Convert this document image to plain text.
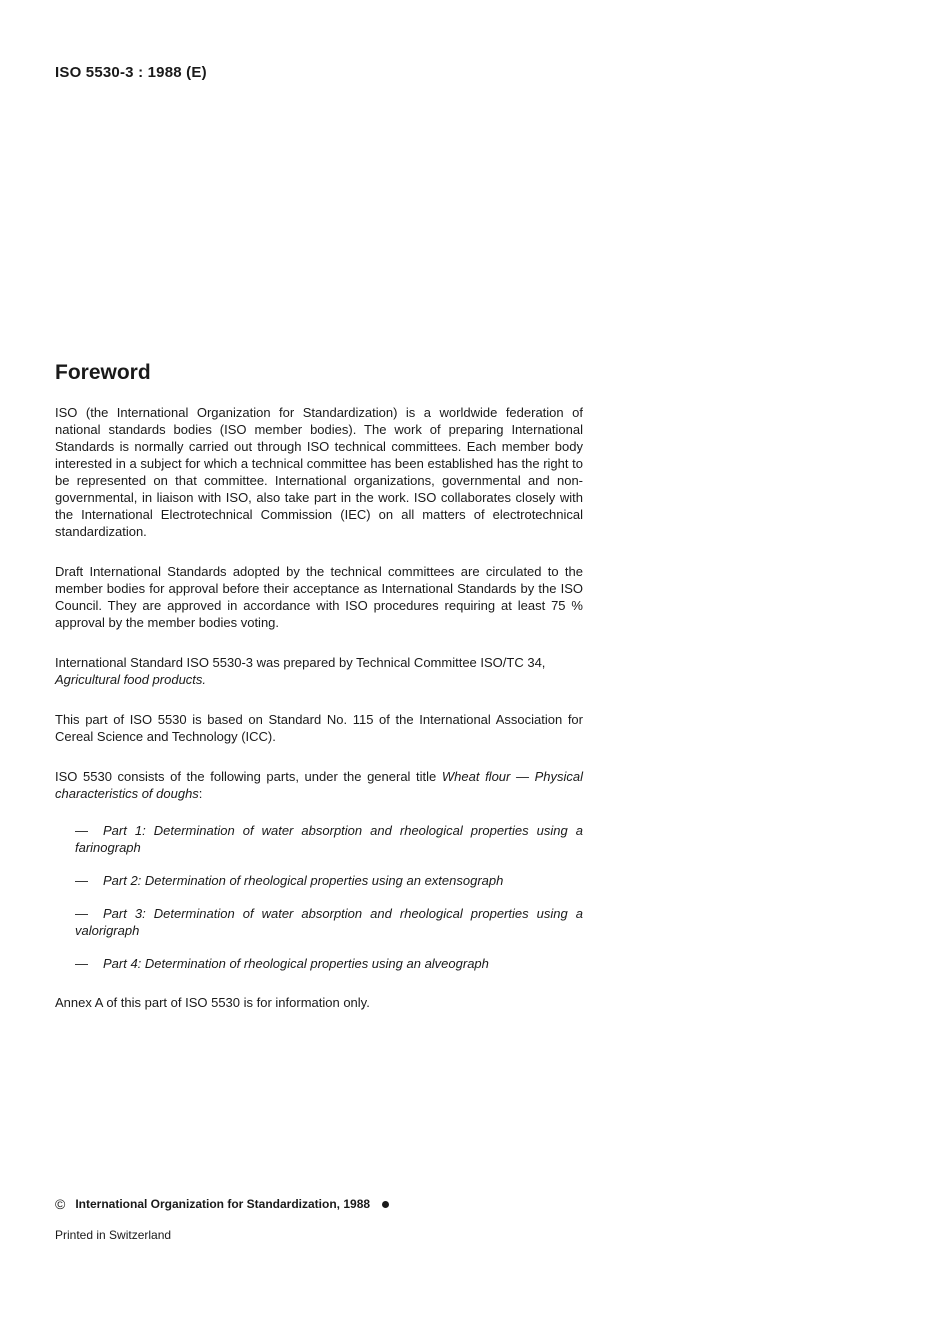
ISO 5530-3 : 1988 (E)
Foreword

ISO (the International Organization for Standardization) is a worldwide federation of national standards bodies (ISO member bodies). The work of preparing International Standards is normally carried out through ISO technical committees. Each member body interested in a subject for which a technical committee has been established has the right to be represented on that committee. International organizations, governmental and non-governmental, in liaison with ISO, also take part in the work. ISO collaborates closely with the International Electrotechnical Commission (IEC) on all matters of electrotechnical standardization.

Draft International Standards adopted by the technical committees are circulated to the member bodies for approval before their acceptance as International Standards by the ISO Council. They are approved in accordance with ISO procedures requiring at least 75 % approval by the member bodies voting.

International Standard ISO 5530-3 was prepared by Technical Committee ISO/TC 34,
Agricultural food products.

This part of ISO 5530 is based on Standard No. 115 of the International Association for Cereal Science and Technology (ICC).

ISO 5530 consists of the following parts, under the general title Wheat flour — Physical characteristics of doughs:

— Part 1: Determination of water absorption and rheological properties using a farinograph
— Part 2: Determination of rheological properties using an extensograph
— Part 3: Determination of water absorption and rheological properties using a valorigraph
— Part 4: Determination of rheological properties using an alveograph

Annex A of this part of ISO 5530 is for information only.

© International Organization for Standardization, 1988
Printed in Switzerland
